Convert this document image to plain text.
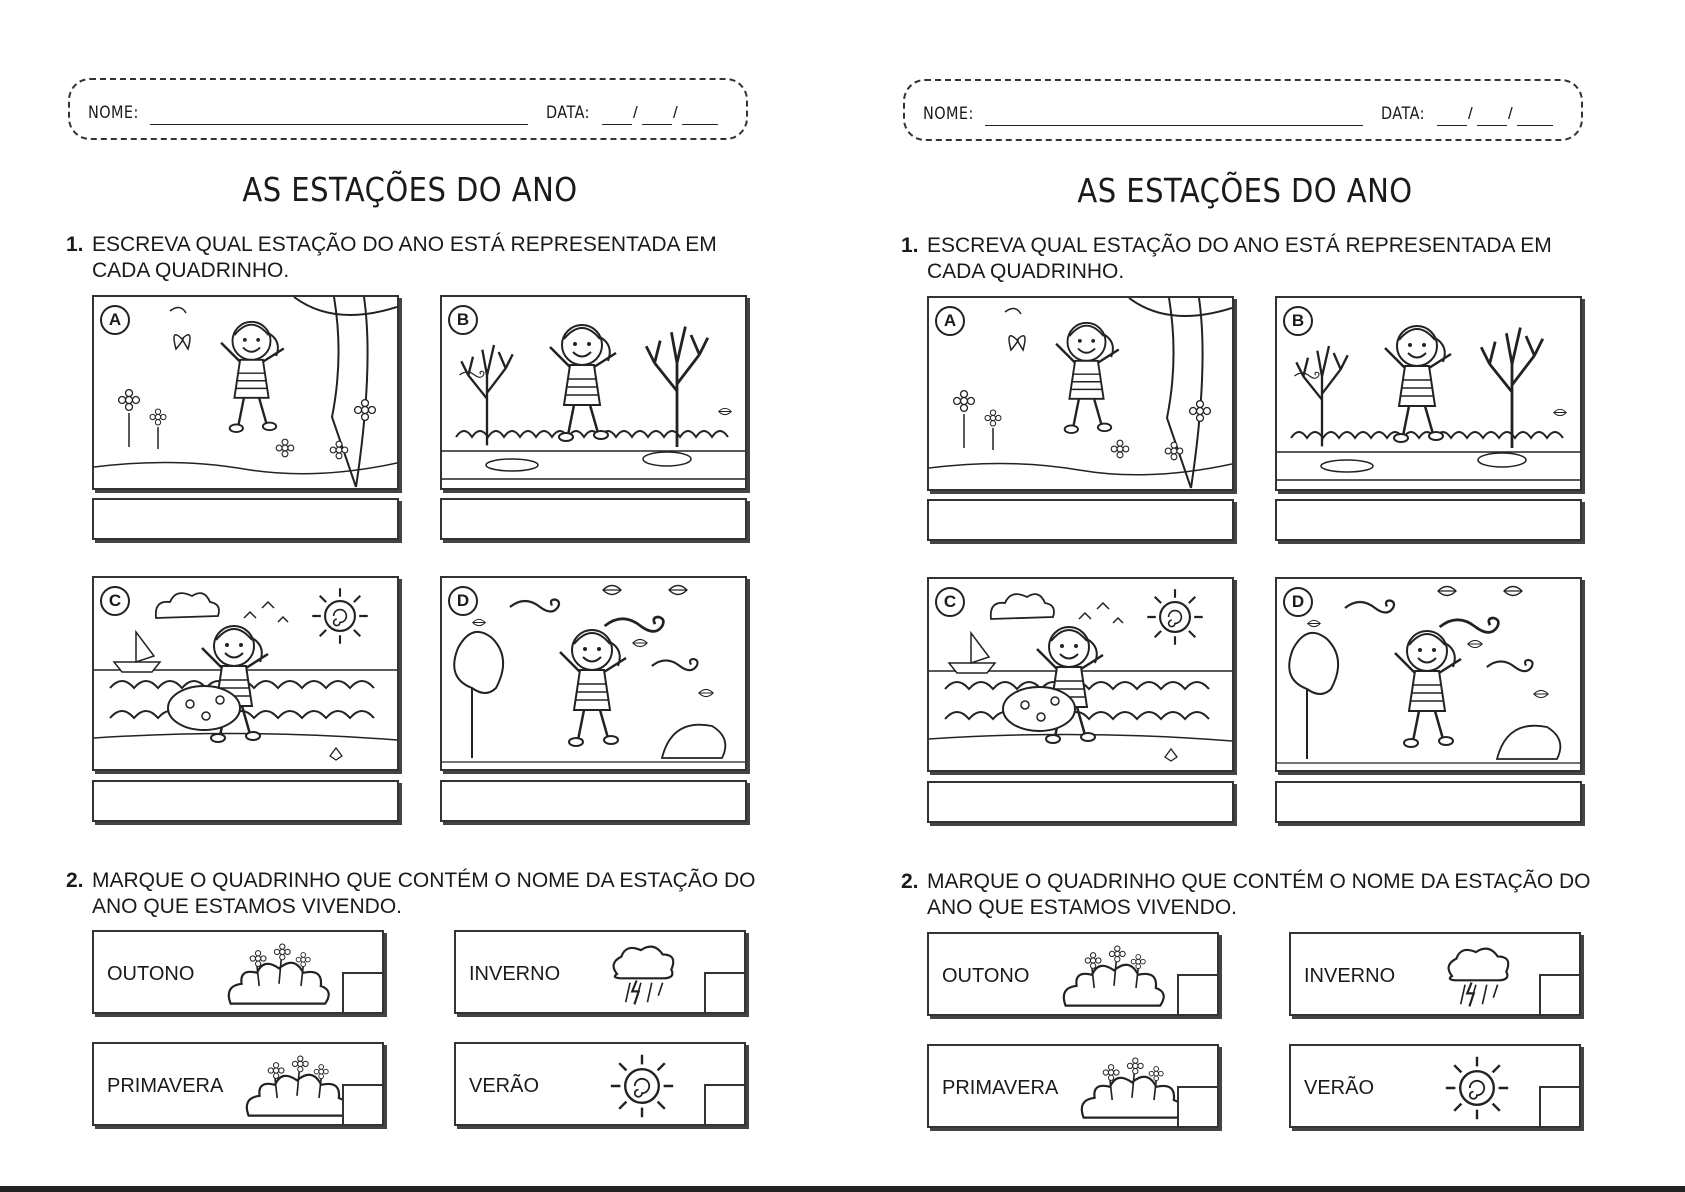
NOME:	DATA:	/ /
AS ESTAÇÕES DO ANO
1. ESCREVA QUAL ESTAÇÃO DO ANO ESTÁ REPRESENTADA EM CADA QUADRINHO.
A	B
C	D
2. MARQUE O QUADRINHO QUE CONTÉM O NOME DA ESTAÇÃO DO ANO QUE ESTAMOS VIVENDO.
OUTONO	INVERNO
PRIMAVERA	VERÃO
NOME:	DATA:	/ /
AS ESTAÇÕES DO ANO
1. ESCREVA QUAL ESTAÇÃO DO ANO ESTÁ REPRESENTADA EM CADA QUADRINHO.
A	B
C	D
2. MARQUE O QUADRINHO QUE CONTÉM O NOME DA ESTAÇÃO DO ANO QUE ESTAMOS VIVENDO.
OUTONO	INVERNO
PRIMAVERA	VERÃO
